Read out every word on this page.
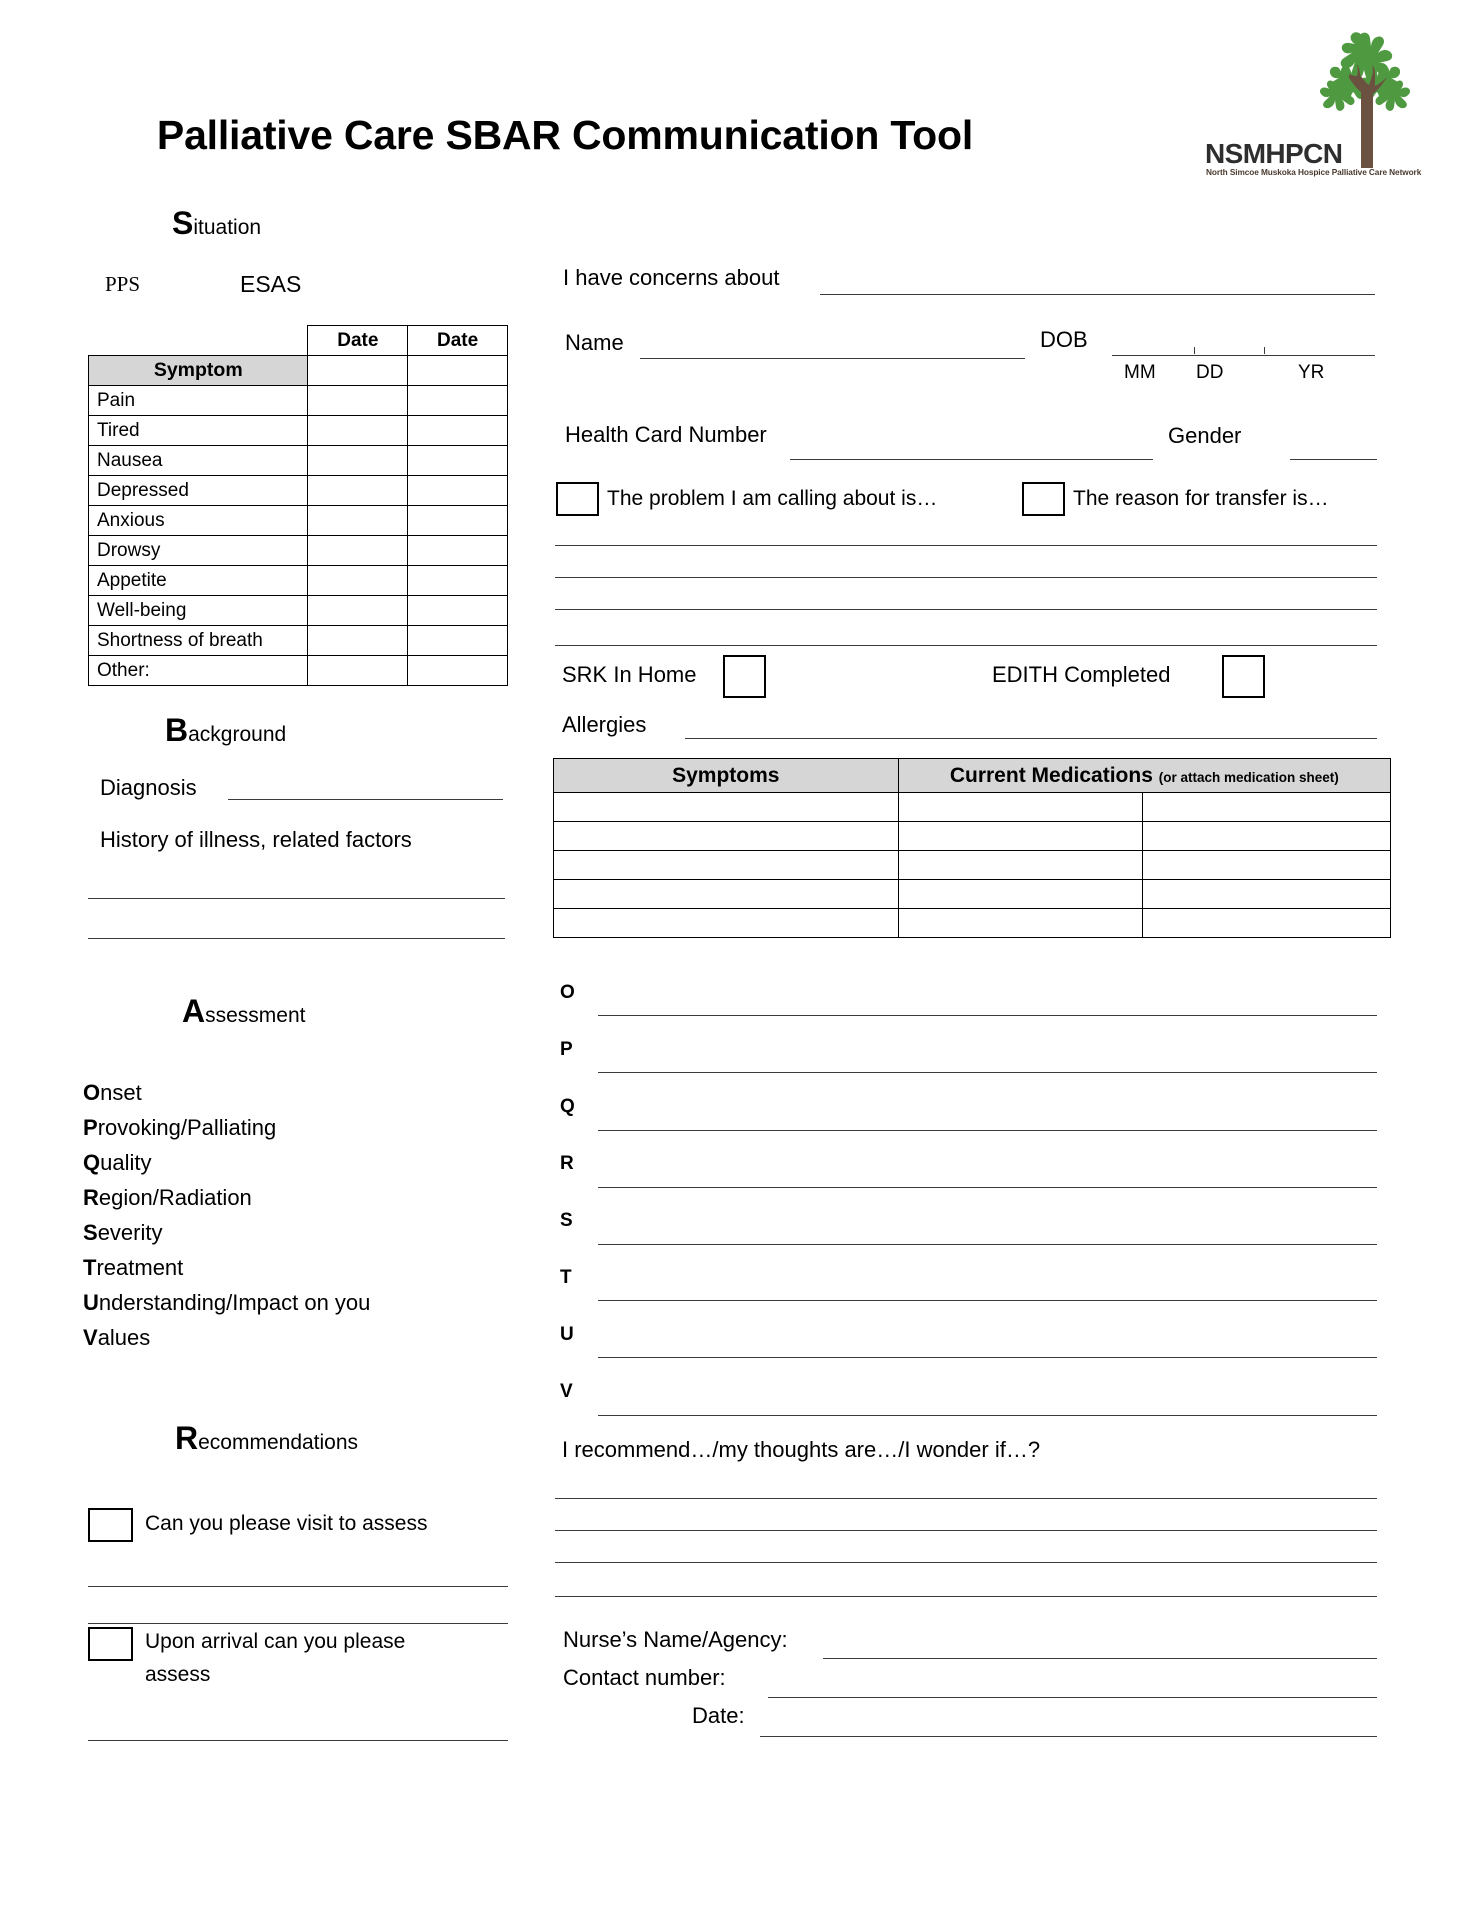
Palliative Care SBAR Communication Tool	NSMHPCN
North Simcoe Muskoka Hospice Palliative Care Network
Situation
PPS	ESAS
	Date	Date
Symptom		
Pain		
Tired		
Nausea		
Depressed		
Anxious		
Drowsy		
Appetite		
Well-being		
Shortness of breath		
Other:		
Background
Diagnosis
History of illness, related factors
Assessment
Onset
Provoking/Palliating
Quality
Region/Radiation
Severity
Treatment
Understanding/Impact on you
Values
Recommendations
Can you please visit to assess
Upon arrival can you please
assess
I have concerns about
Name	DOB
MM DD	YR
Health Card Number	Gender
The problem I am calling about is…	The reason for transfer is…
SRK In Home	EDITH Completed
Allergies
Symptoms	Current Medications (or attach medication sheet)	

O
P
Q
R
S
T
U
V
I recommend…/my thoughts are…/I wonder if…?
Nurse’s Name/Agency:
Contact number:
Date:
